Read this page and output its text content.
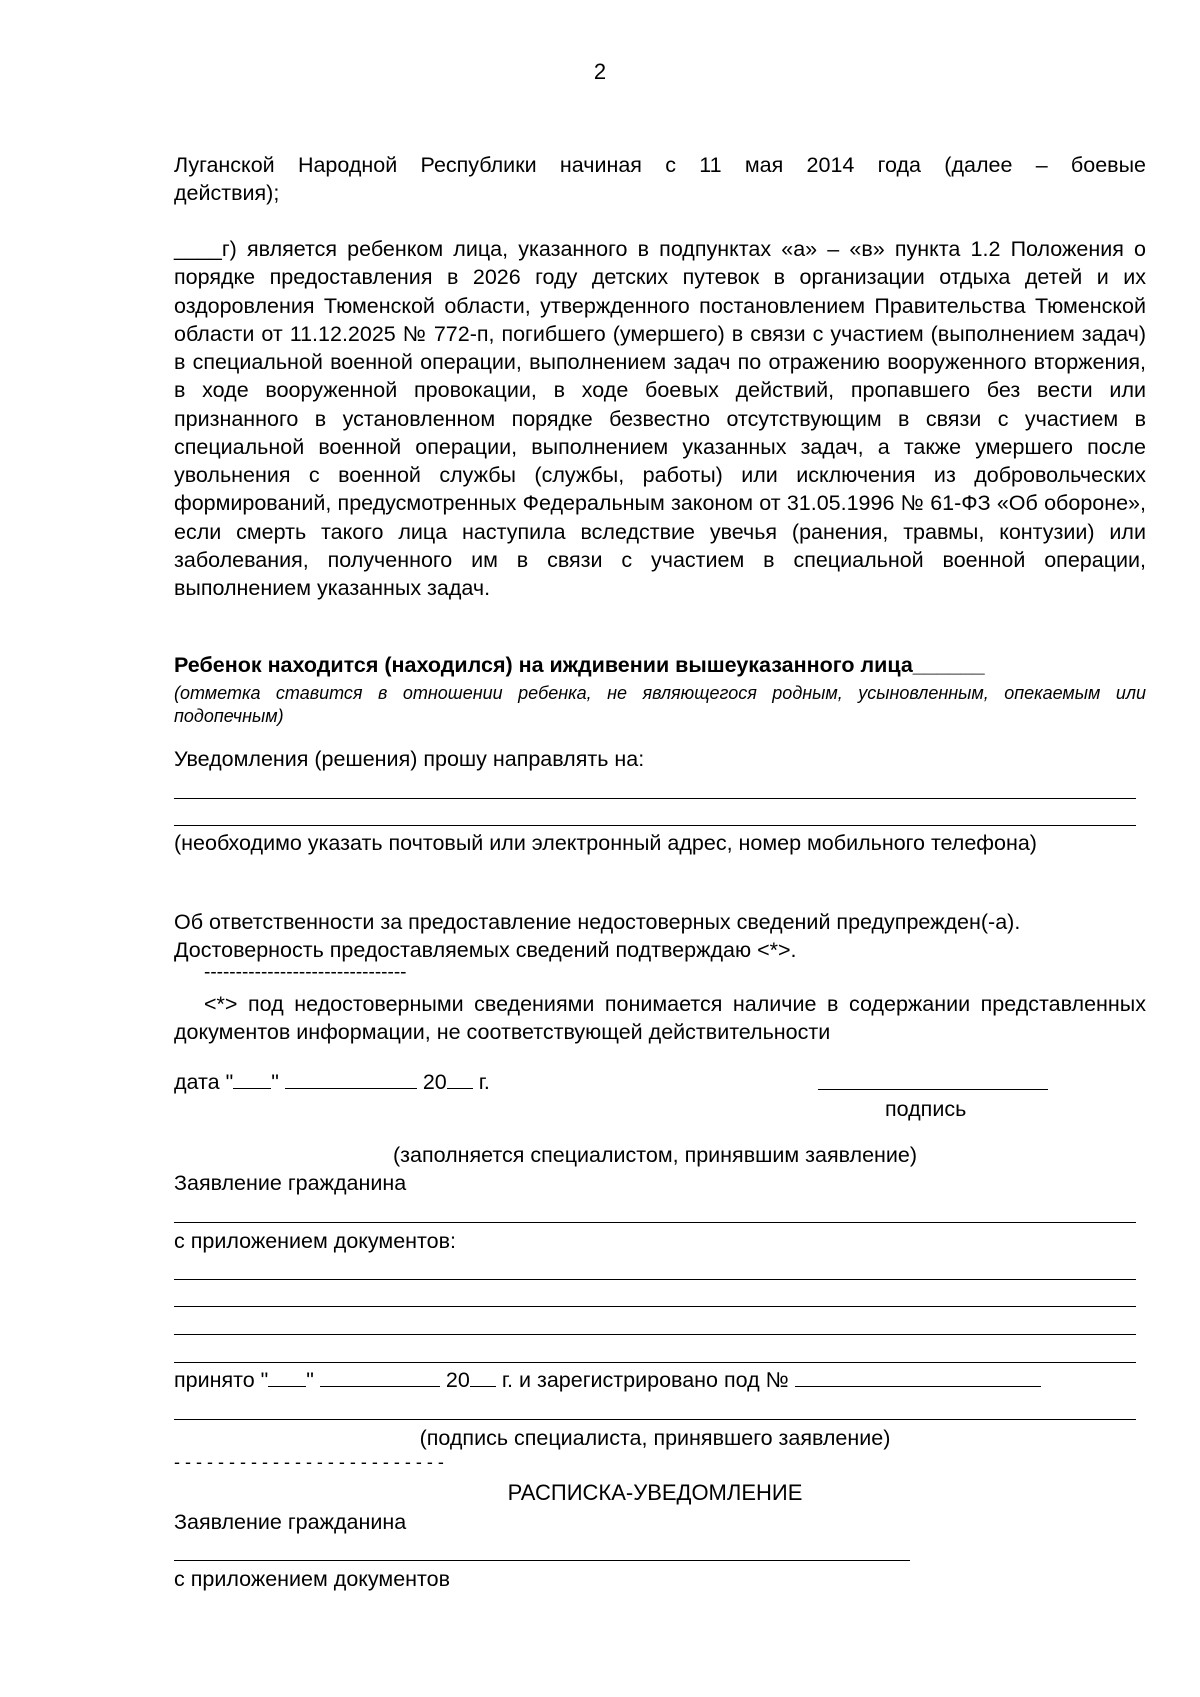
2
Луганской Народной Республики начиная с 11 мая 2014 года (далее – боевые
действия);
____г) является ребенком лица, указанного в подпунктах «а» – «в» пункта 1.2 Положения о порядке предоставления в 2026 году детских путевок в организации отдыха детей и их оздоровления Тюменской области, утвержденного постановлением Правительства Тюменской области от 11.12.2025 № 772-п, погибшего (умершего) в связи с участием (выполнением задач) в специальной военной операции, выполнением задач по отражению вооруженного вторжения, в ходе вооруженной провокации, в ходе боевых действий, пропавшего без вести или признанного в установленном порядке безвестно отсутствующим в связи с участием в специальной военной операции, выполнением указанных задач, а также умершего после увольнения с военной службы (службы, работы) или исключения из добровольческих формирований, предусмотренных Федеральным законом от 31.05.1996 № 61-ФЗ «Об обороне», если смерть такого лица наступила вследствие увечья (ранения, травмы, контузии) или заболевания, полученного им в связи с участием в специальной военной операции, выполнением указанных задач.
Ребенок находится (находился) на иждивении вышеуказанного лица______
(отметка ставится в отношении ребенка, не являющегося родным, усыновленным, опекаемым или подопечным)
Уведомления (решения) прошу направлять на:
(необходимо указать почтовый или электронный адрес, номер мобильного телефона)
Об ответственности за предоставление недостоверных сведений предупрежден(-а).
Достоверность предоставляемых сведений подтверждаю <*>.
--------------------------------
<*> под недостоверными сведениями понимается наличие в содержании представленных документов информации, не соответствующей действительности
дата " "	20 г.
подпись
(заполняется специалистом, принявшим заявление)
Заявление гражданина
с приложением документов:
принято " "	20 г. и зарегистрировано под №
(подпись специалиста, принявшего заявление)
- - - - - - - - - - - - - - - - - - - - - - - - -
РАСПИСКА-УВЕДОМЛЕНИЕ
Заявление гражданина
с приложением документов
